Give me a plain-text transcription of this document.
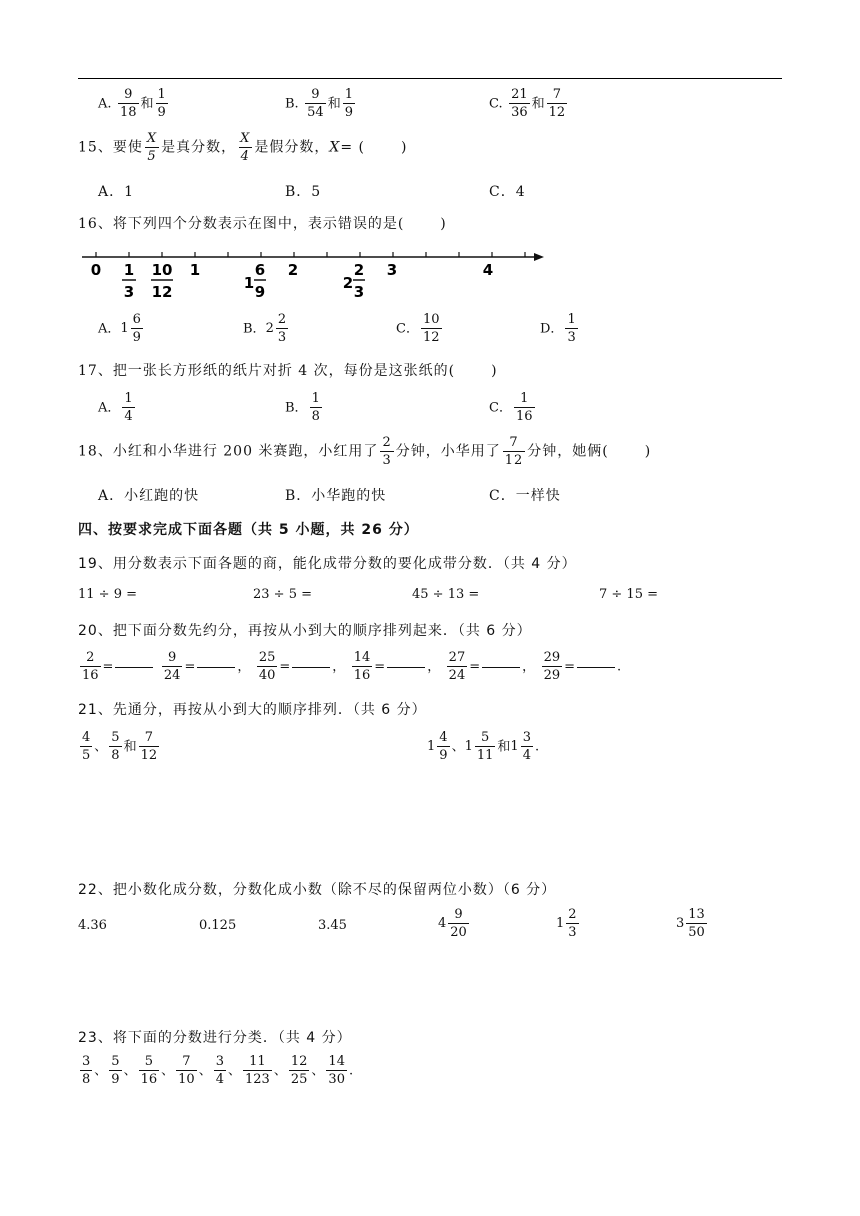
A. $\frac{9}{18}$ 和 $\frac{1}{9}$	B. $\frac{9}{54}$ 和 $\frac{1}{9}$	C. $\frac{21}{36}$ 和 $\frac{7}{12}$
15、要使 $\frac{X}{5}$ 是真分数， $\frac{X}{4}$ 是假分数，X= (	)
A．1	B．5	C．4
16、将下列四个分数表示在图中，表示错误的是(	)
0 1
3
10
12
1
1
6
9
2
2
2
3
3	4
A．$1 \frac{6}{9}$	B．$2 \frac{2}{3}$	C． $\frac{10}{12}$	D． $\frac{1}{3}$
17、把一张长方形纸的纸片对折 4 次，每份是这张纸的(	)
A． $\frac{1}{4}$	B． $\frac{1}{8}$	C． $\frac{1}{16}$
18、小红和小华进行 200 米赛跑，小红用了 $\frac{2}{3}$ 分钟，小华用了 $\frac{7}{12}$ 分钟，她俩(	)
A．小红跑的快	B．小华跑的快	C．一样快
四、按要求完成下面各题（共 5 小题，共 26 分）
19、用分数表示下面各题的商，能化成带分数的要化成带分数．（共 4 分）
11 ÷ 9 =	23 ÷ 5 =	45 ÷ 13 =	7 ÷ 15 =
20、把下面分数先约分，再按从小到大的顺序排列起来．（共 6 分）
$\frac{2}{16}$ =	$\frac{9}{24}$ =	， $\frac{25}{40}$ =	， $\frac{14}{16}$ =	， $\frac{27}{24}$ =	， $\frac{29}{29}$ =	.
21、先通分，再按从小到大的顺序排列．（共 6 分）
$\frac{4}{5}$ 、 $\frac{5}{8}$ 和 $\frac{7}{12}$	$1 \frac{4}{9}$ 、$1 \frac{5}{11}$ 和$1 \frac{3}{4}$ .
22、把小数化成分数，分数化成小数（除不尽的保留两位小数）（6 分）
4.36	0.125	3.45	$4 \frac{9}{20}$	$1 \frac{2}{3}$	$3 \frac{13}{50}$
23、将下面的分数进行分类．（共 4 分）
$\frac{3}{8}$ 、 $\frac{5}{9}$ 、 $\frac{5}{16}$ 、 $\frac{7}{10}$ 、 $\frac{3}{4}$ 、 $\frac{11}{123}$ 、 $\frac{12}{25}$ 、 $\frac{14}{30}$ .
